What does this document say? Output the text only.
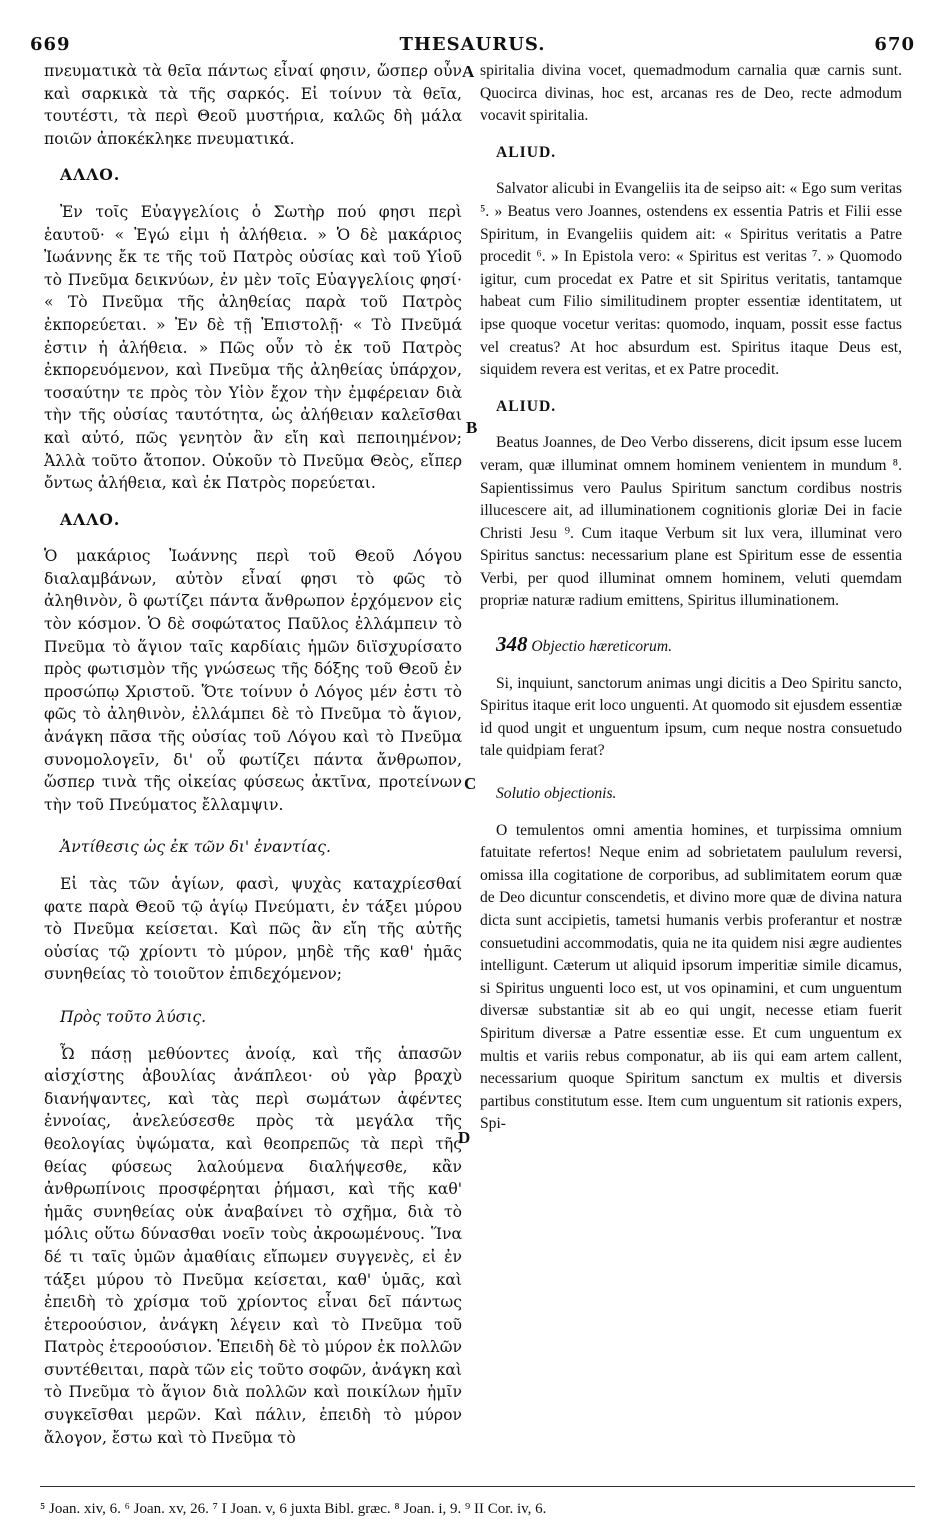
669	THESAURUS.	670

πνευματικὰ τὰ θεῖα πάντως εἶναί φησιν, ὥσπερ οὖν καὶ σαρκικὰ τὰ τῆς σαρκός. Εἰ τοίνυν τὰ θεῖα, τουτέστι, τὰ περὶ Θεοῦ μυστήρια, καλῶς δὴ μάλα ποιῶν ἀποκέκληκε πνευματικά.

ΑΛΛΟ.

Ἐν τοῖς Εὐαγγελίοις ὁ Σωτὴρ πού φησι περὶ ἑαυτοῦ· « Ἐγώ εἰμι ἡ ἀλήθεια. » Ὁ δὲ μακάριος Ἰωάννης ἔκ τε τῆς τοῦ Πατρὸς οὐσίας καὶ τοῦ Υἱοῦ τὸ Πνεῦμα δεικνύων, ἐν μὲν τοῖς Εὐαγγελίοις φησί· « Τὸ Πνεῦμα τῆς ἀληθείας παρὰ τοῦ Πατρὸς ἐκπορεύεται. » Ἐν δὲ τῇ Ἐπιστολῇ· « Τὸ Πνεῦμά ἐστιν ἡ ἀλήθεια. » Πῶς οὖν τὸ ἐκ τοῦ Πατρὸς ἐκπορευόμενον, καὶ Πνεῦμα τῆς ἀληθείας ὑπάρχον, τοσαύτην τε πρὸς τὸν Υἱὸν ἔχον τὴν ἐμφέρειαν διὰ τὴν τῆς οὐσίας ταυτότητα, ὡς ἀλήθειαν καλεῖσθαι καὶ αὐτό, πῶς γενητὸν ἂν εἴη καὶ πεποιημένον; Ἀλλὰ τοῦτο ἄτοπον. Οὐκοῦν τὸ Πνεῦμα Θεὸς, εἴπερ ὄντως ἀλήθεια, καὶ ἐκ Πατρὸς πορεύεται.

ΑΛΛΟ.

Ὁ μακάριος Ἰωάννης περὶ τοῦ Θεοῦ Λόγου διαλαμβάνων, αὐτὸν εἶναί φησι τὸ φῶς τὸ ἀληθινὸν, ὃ φωτίζει πάντα ἄνθρωπον ἐρχόμενον εἰς τὸν κόσμον. Ὁ δὲ σοφώτατος Παῦλος ἐλλάμπειν τὸ Πνεῦμα τὸ ἅγιον ταῖς καρδίαις ἡμῶν διϊσχυρίσατο πρὸς φωτισμὸν τῆς γνώσεως τῆς δόξης τοῦ Θεοῦ ἐν προσώπῳ Χριστοῦ. Ὅτε τοίνυν ὁ Λόγος μέν ἐστι τὸ φῶς τὸ ἀληθινὸν, ἐλλάμπει δὲ τὸ Πνεῦμα τὸ ἅγιον, ἀνάγκη πᾶσα τῆς οὐσίας τοῦ Λόγου καὶ τὸ Πνεῦμα συνομολογεῖν, δι' οὗ φωτίζει πάντα ἄνθρωπον, ὥσπερ τινὰ τῆς οἰκείας φύσεως ἀκτῖνα, προτείνων τὴν τοῦ Πνεύματος ἔλλαμψιν.

Ἀντίθεσις ὡς ἐκ τῶν δι' ἐναντίας.

Εἰ τὰς τῶν ἁγίων, φασὶ, ψυχὰς καταχρίεσθαί φατε παρὰ Θεοῦ τῷ ἁγίῳ Πνεύματι, ἐν τάξει μύρου τὸ Πνεῦμα κείσεται. Καὶ πῶς ἂν εἴη τῆς αὐτῆς οὐσίας τῷ χρίοντι τὸ μύρον, μηδὲ τῆς καθ' ἡμᾶς συνηθείας τὸ τοιοῦτον ἐπιδεχόμενον;

Πρὸς τοῦτο λύσις.

Ὦ πάσῃ μεθύοντες ἀνοίᾳ, καὶ τῆς ἁπασῶν αἰσχίστης ἀβουλίας ἀνάπλεοι· οὐ γὰρ βραχὺ διανήψαντες, καὶ τὰς περὶ σωμάτων ἀφέντες ἐννοίας, ἀνελεύσεσθε πρὸς τὰ μεγάλα τῆς θεολογίας ὑψώματα, καὶ θεοπρεπῶς τὰ περὶ τῆς θείας φύσεως λαλούμενα διαλήψεσθε, κἂν ἀνθρωπίνοις προσφέρηται ῥήμασι, καὶ τῆς καθ' ἡμᾶς συνηθείας οὐκ ἀναβαίνει τὸ σχῆμα, διὰ τὸ μόλις οὕτω δύνασθαι νοεῖν τοὺς ἀκροωμένους. Ἵνα δέ τι ταῖς ὑμῶν ἀμαθίαις εἴπωμεν συγγενὲς, εἰ ἐν τάξει μύρου τὸ Πνεῦμα κείσεται, καθ' ὑμᾶς, καὶ ἐπειδὴ τὸ χρίσμα τοῦ χρίοντος εἶναι δεῖ πάντως ἑτεροούσιον, ἀνάγκη λέγειν καὶ τὸ Πνεῦμα τοῦ Πατρὸς ἑτεροούσιον. Ἐπειδὴ δὲ τὸ μύρον ἐκ πολλῶν συντέθειται, παρὰ τῶν εἰς τοῦτο σοφῶν, ἀνάγκη καὶ τὸ Πνεῦμα τὸ ἅγιον διὰ πολλῶν καὶ ποικίλων ἡμῖν συγκεῖσθαι μερῶν. Καὶ πάλιν, ἐπειδὴ τὸ μύρον ἄλογον, ἔστω καὶ τὸ Πνεῦμα τὸ

spiritalia divina vocet, quemadmodum carnalia quæ carnis sunt. Quocirca divinas, hoc est, arcanas res de Deo, recte admodum vocavit spiritalia.

ALIUD.

Salvator alicubi in Evangeliis ita de seipso ait: « Ego sum veritas ⁵. » Beatus vero Joannes, ostendens ex essentia Patris et Filii esse Spiritum, in Evangeliis quidem ait: « Spiritus veritatis a Patre procedit ⁶. » In Epistola vero: « Spiritus est veritas ⁷. » Quomodo igitur, cum procedat ex Patre et sit Spiritus veritatis, tantamque habeat cum Filio similitudinem propter essentiæ identitatem, ut ipse quoque vocetur veritas: quomodo, inquam, possit esse factus vel creatus? At hoc absurdum est. Spiritus itaque Deus est, siquidem revera est veritas, et ex Patre procedit.

ALIUD.

Beatus Joannes, de Deo Verbo disserens, dicit ipsum esse lucem veram, quæ illuminat omnem hominem venientem in mundum ⁸. Sapientissimus vero Paulus Spiritum sanctum cordibus nostris illucescere ait, ad illuminationem cognitionis gloriæ Dei in facie Christi Jesu ⁹. Cum itaque Verbum sit lux vera, illuminat vero Spiritus sanctus: necessarium plane est Spiritum esse de essentia Verbi, per quod illuminat omnem hominem, veluti quemdam propriæ naturæ radium emittens, Spiritus illuminationem.

348 Objectio hæreticorum.

Si, inquiunt, sanctorum animas ungi dicitis a Deo Spiritu sancto, Spiritus itaque erit loco unguenti. At quomodo sit ejusdem essentiæ id quod ungit et unguentum ipsum, cum neque nostra consuetudo tale quidpiam ferat?

Solutio objectionis.

O temulentos omni amentia homines, et turpissima omnium fatuitate refertos! Neque enim ad sobrietatem paululum reversi, omissa illa cogitatione de corporibus, ad sublimitatem eorum quæ de Deo dicuntur conscendetis, et divino more quæ de divina natura dicta sunt accipietis, tametsi humanis verbis proferantur et nostræ consuetudini accommodatis, quia ne ita quidem nisi ægre audientes intelligunt. Cæterum ut aliquid ipsorum imperitiæ simile dicamus, si Spiritus unguenti loco est, ut vos opinamini, et cum unguentum diversæ substantiæ sit ab eo qui ungit, necesse etiam fuerit Spiritum diversæ a Patre essentiæ esse. Et cum unguentum ex multis et variis rebus componatur, ab iis qui eam artem callent, necessarium quoque Spiritum sanctum ex multis et diversis partibus constitutum esse. Item cum unguentum sit rationis expers, Spi-

A
B
C
D
⁵ Joan. xiv, 6. ⁶ Joan. xv, 26. ⁷ I Joan. v, 6 juxta Bibl. græc. ⁸ Joan. i, 9. ⁹ II Cor. iv, 6.
